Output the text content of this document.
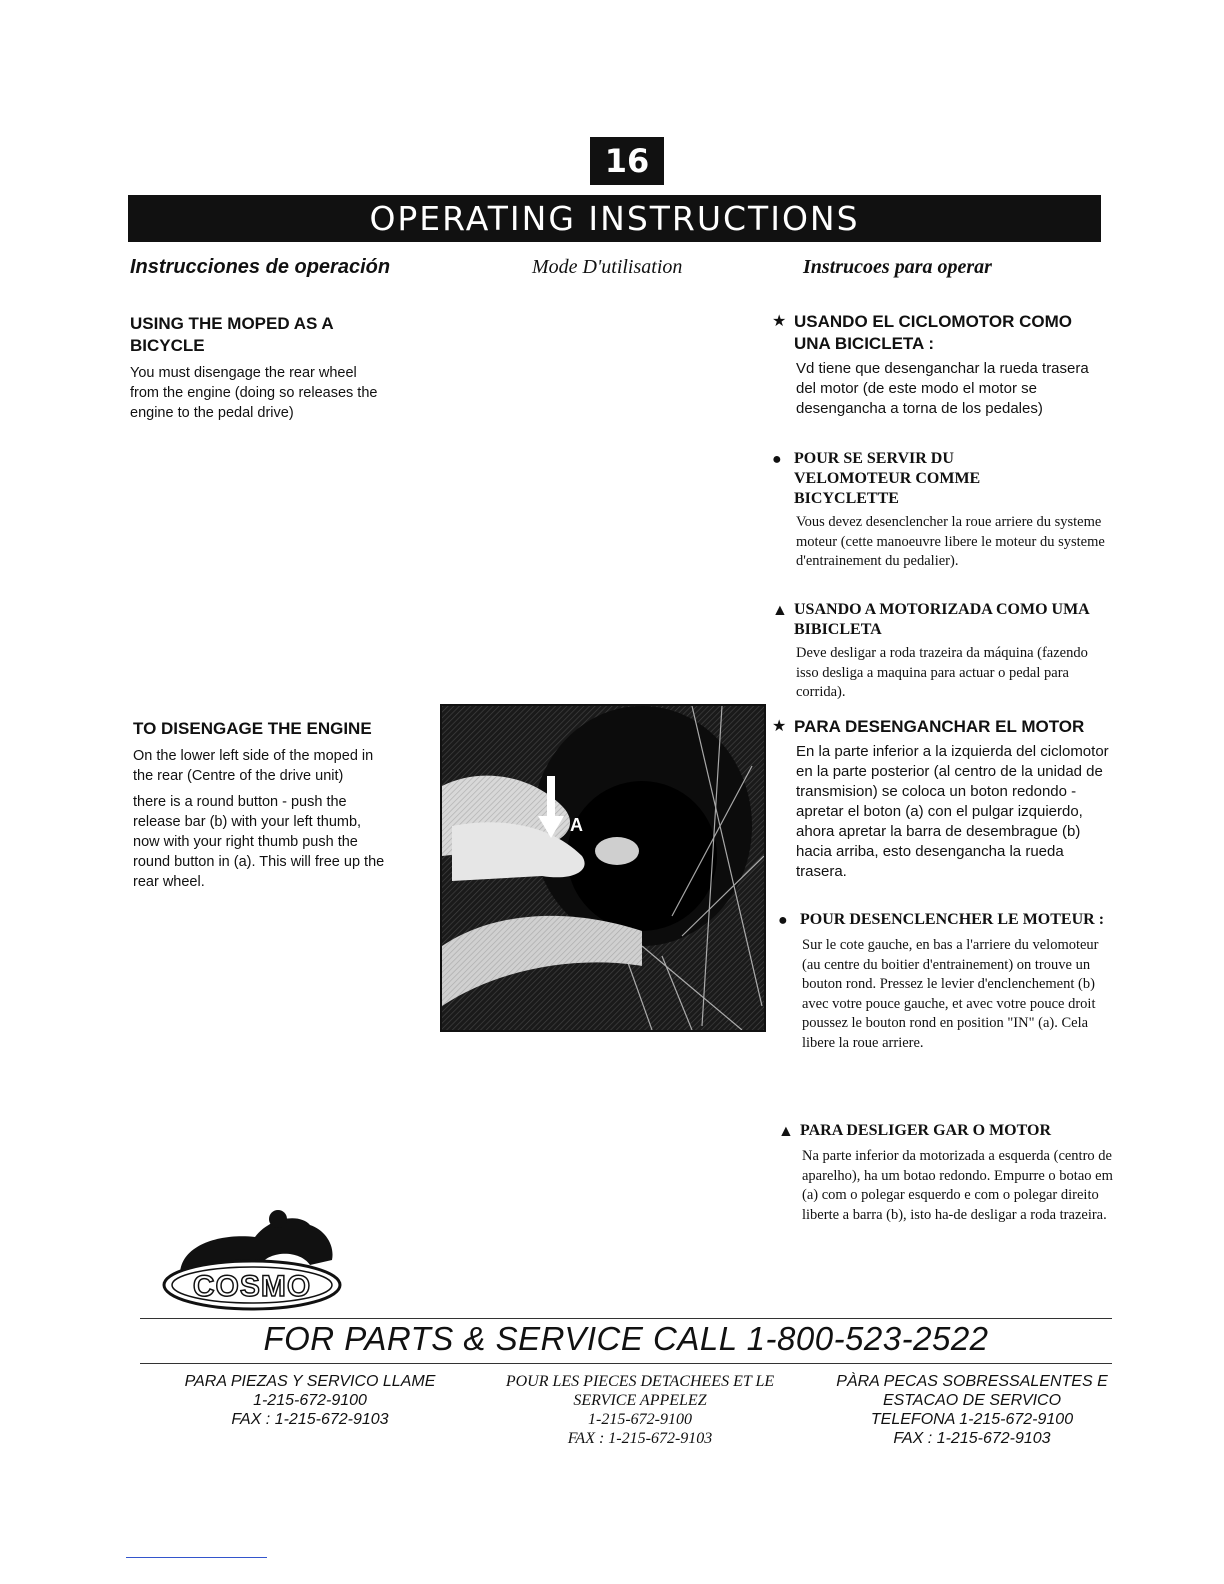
16
OPERATING INSTRUCTIONS
Instrucciones de operación	Mode D'utilisation	Instrucoes para operar
USING THE MOPED AS A BICYCLE
You must disengage the rear wheel
from the engine (doing so releases the
engine to the pedal drive)
TO DISENGAGE THE ENGINE
On the lower left side of the moped in
the rear (Centre of the drive unit)
there is a round button - push the
release bar (b) with your left thumb,
now with your right thumb push the
round button in (a). This will free up the
rear wheel.
A
★ USANDO EL CICLOMOTOR COMO UNA BICICLETA :
Vd tiene que desenganchar la rueda trasera del motor (de este modo el motor se desengancha a torna de los pedales)
● POUR SE SERVIR DU VELOMOTEUR COMME BICYCLETTE
Vous devez desenclencher la roue arriere du systeme moteur (cette manoeuvre libere le moteur du systeme d'entrainement du pedalier).
▲ USANDO A MOTORIZADA COMO UMA BIBICLETA
Deve desligar a roda trazeira da máquina (fazendo isso desliga a maquina para actuar o pedal para corrida).
★ PARA DESENGANCHAR EL MOTOR
En la parte inferior a la izquierda del ciclomotor en la parte posterior (al centro de la unidad de transmision) se coloca un boton redondo - apretar el boton (a) con el pulgar izquierdo, ahora apretar la barra de desembrague (b) hacia arriba, esto desengancha la rueda trasera.
● POUR DESENCLENCHER LE MOTEUR :
Sur le cote gauche, en bas a l'arriere du velomoteur (au centre du boitier d'entrainement) on trouve un bouton rond. Pressez le levier d'enclenchement (b) avec votre pouce gauche, et avec votre pouce droit poussez le bouton rond en position "IN" (a). Cela libere la roue arriere.
▲ PARA DESLIGER GAR O MOTOR
Na parte inferior da motorizada a esquerda (centro de aparelho), ha um botao redondo. Empurre o botao em (a) com o polegar esquerdo e com o polegar direito liberte a barra (b), isto ha-de desligar a roda trazeira.
COSMO
FOR PARTS & SERVICE CALL 1-800-523-2522
PARA PIEZAS Y SERVICO LLAME
1-215-672-9100
FAX : 1-215-672-9103
POUR LES PIECES DETACHEES ET LE
SERVICE APPELEZ
1-215-672-9100
FAX : 1-215-672-9103
PÀRA PECAS SOBRESSALENTES E
ESTACAO DE SERVICO
TELEFONA 1-215-672-9100
FAX : 1-215-672-9103
